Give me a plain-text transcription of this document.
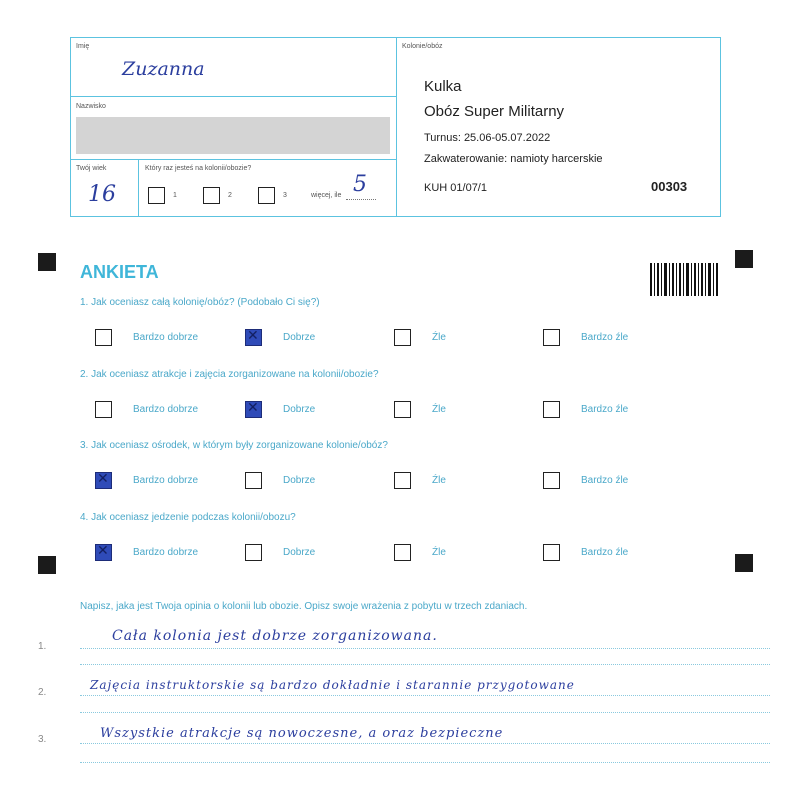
Imię
Zuzanna
Nazwisko
Twój wiek
16
Który raz jesteś na kolonii/obozie?
1	2	3	więcej, ile 5
Kolonie/obóz
Kulka
Obóz Super Militarny
Turnus: 25.06-05.07.2022
Zakwaterowanie: namioty harcerskie
KUH 01/07/1	00303
ANKIETA
1. Jak oceniasz całą kolonię/obóz? (Podobało Ci się?)
Bardzo dobrze ✕	Dobrze	Źle	Bardzo źle
2. Jak oceniasz atrakcje i zajęcia zorganizowane na kolonii/obozie?
Bardzo dobrze ✕	Dobrze	Źle	Bardzo źle
3. Jak oceniasz ośrodek, w którym były zorganizowane kolonie/obóz?
✕
Bardzo dobrze	Dobrze	Źle	Bardzo źle
4. Jak oceniasz jedzenie podczas kolonii/obozu?
✕
Bardzo dobrze	Dobrze	Źle	Bardzo źle
Napisz, jaka jest Twoja opinia o kolonii lub obozie. Opisz swoje wrażenia z pobytu w trzech zdaniach.
1.
Cała kolonia jest dobrze zorganizowana.
2.
Zajęcia instruktorskie są bardzo dokładnie i starannie przygotowane
3.	Wszystkie atrakcje są nowoczesne, a oraz bezpieczne
